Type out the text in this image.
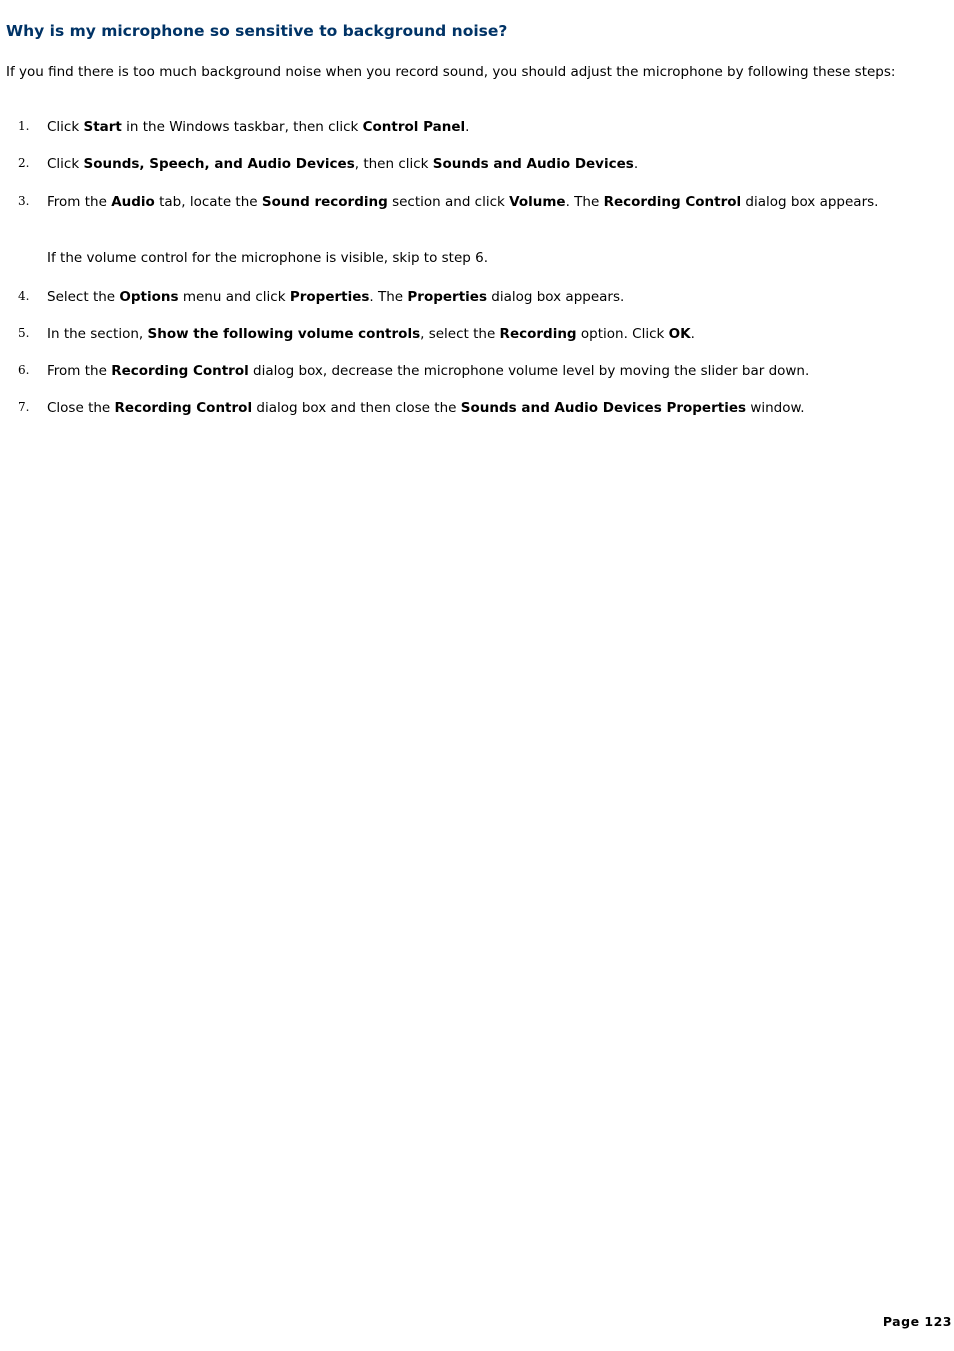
Why is my microphone so sensitive to background noise?

If you find there is too much background noise when you record sound, you should adjust the microphone by following these steps:

1. Click Start in the Windows taskbar, then click Control Panel.
2. Click Sounds, Speech, and Audio Devices, then click Sounds and Audio Devices.
3. From the Audio tab, locate the Sound recording section and click Volume. The Recording Control dialog box appears.
If the volume control for the microphone is visible, skip to step 6.
4. Select the Options menu and click Properties. The Properties dialog box appears.
5. In the section, Show the following volume controls, select the Recording option. Click OK.
6. From the Recording Control dialog box, decrease the microphone volume level by moving the slider bar down.
7. Close the Recording Control dialog box and then close the Sounds and Audio Devices Properties window.
Page 123
